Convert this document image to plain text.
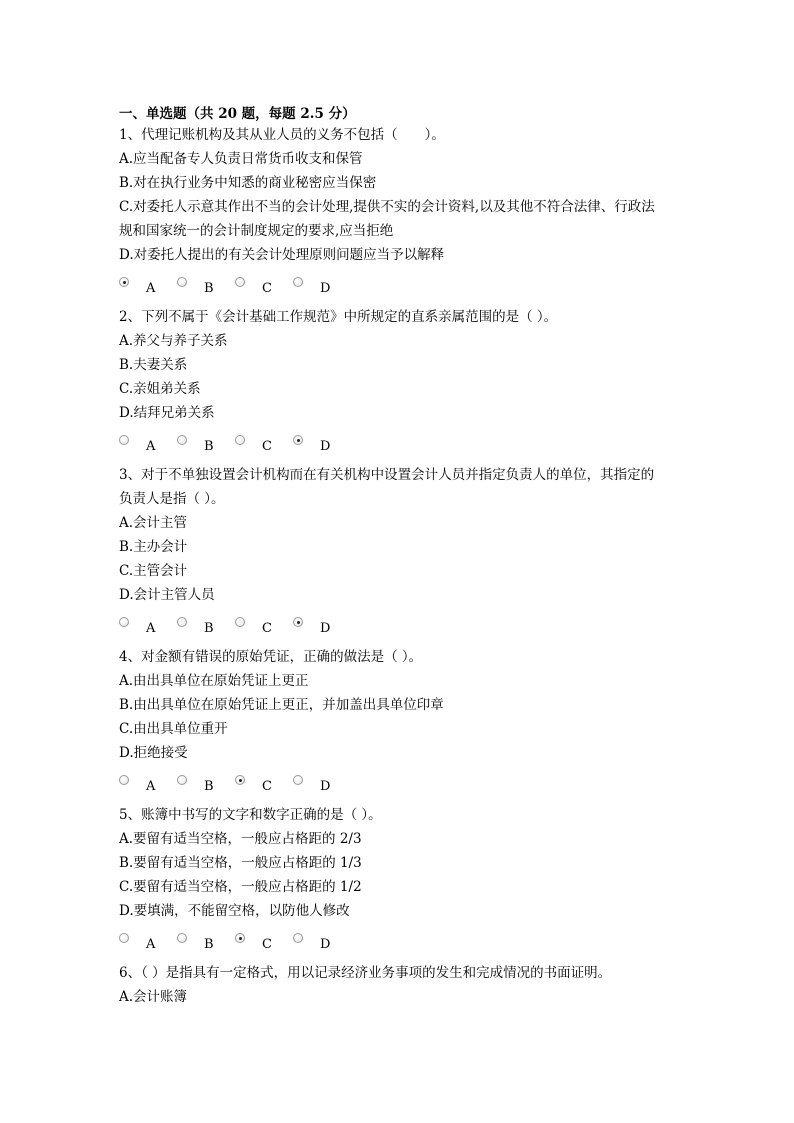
一、单选题（共 20 题，每题 2.5 分）
1、代理记账机构及其从业人员的义务不包括（　　）。
A.应当配备专人负责日常货币收支和保管
B.对在执行业务中知悉的商业秘密应当保密
C.对委托人示意其作出不当的会计处理,提供不实的会计资料,以及其他不符合法律、行政法
规和国家统一的会计制度规定的要求,应当拒绝
D.对委托人提出的有关会计处理原则问题应当予以解释
A	B	C	D
2、下列不属于《会计基础工作规范》中所规定的直系亲属范围的是（ ）。
A.养父与养子关系
B.夫妻关系
C.亲姐弟关系
D.结拜兄弟关系
A	B	C	D
3、对于不单独设置会计机构而在有关机构中设置会计人员并指定负责人的单位，其指定的
负责人是指（ ）。
A.会计主管
B.主办会计
C.主管会计
D.会计主管人员
A	B	C	D
4、对金额有错误的原始凭证，正确的做法是（ ）。
A.由出具单位在原始凭证上更正
B.由出具单位在原始凭证上更正，并加盖出具单位印章
C.由出具单位重开
D.拒绝接受
A	B	C	D
5、账簿中书写的文字和数字正确的是（ ）。
A.要留有适当空格，一般应占格距的 2/3
B.要留有适当空格，一般应占格距的 1/3
C.要留有适当空格，一般应占格距的 1/2
D.要填满，不能留空格，以防他人修改
A	B	C	D
6、（ ）是指具有一定格式，用以记录经济业务事项的发生和完成情况的书面证明。
A.会计账簿
